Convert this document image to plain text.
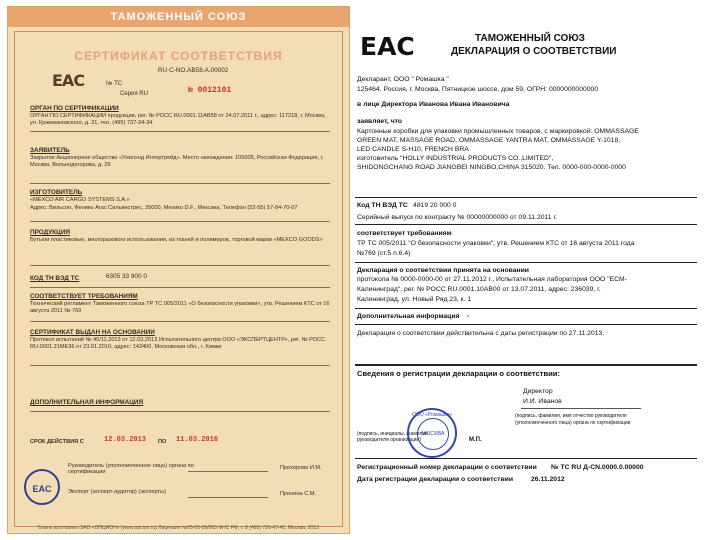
ТАМОЖЕННЫЙ СОЮЗ
СЕРТИФИКАТ СООТВЕТСТВИЯ
EAC	№ ТС
RU C-NO.AB58.A.00002
Серия RU	№ 0012101
ОРГАН ПО СЕРТИФИКАЦИИ
ОРГАН ПО СЕРТИФИКАЦИИ продукции, рег. № РОСС RU.0001.11АВ58 от 24.07.2011 г., адрес: 117218, г. Москва, ул. Кржижановского, д. 31, тел. (495) 737-34-34
ЗАЯВИТЕЛЬ
Закрытое Акционерное общество «Унилэнд Интертрейд». Место нахождения: 105005, Российская Федерация, г. Москва, Вольнодогорова, д. 29
ИЗГОТОВИТЕЛЬ
«MEXCO AIR CARGO SYSTEMS S.A.»
Адрес: Вильсон, Фенико Агас Сильвестрес, 35000, Мехико D.F., Мексика. Телефон (52-55) 57-84-70-07
ПРОДУКЦИЯ
Бутыли пластиковые, многоразового использования, из тканей и полимеров, торговой марки «MEXCO GOODS»
КОД ТН ВЭД ТС	6305 33 900 0
СООТВЕТСТВУЕТ ТРЕБОВАНИЯМ
Технический регламент Таможенного союза ТР ТС 005/2011 «О безопасности упаковки», утв. Решением КТС от 16 августа 2011 № 769
СЕРТИФИКАТ ВЫДАН НА ОСНОВАНИИ
Протокол испытаний № 45/11.2013 от 12.03.2013 Испытательного центра ООО «ЭКСПЕРТЦЕНТР», рег. № РОСС RU.0001.21МЕ36 от 23.01.2010, адрес: 143400, Московская обл., г. Химки
ДОПОЛНИТЕЛЬНАЯ ИНФОРМАЦИЯ
СРОК ДЕЙСТВИЯ С	12.03.2013 ПО 11.03.2016
Руководитель (уполномоченное лицо) органа по сертификации
Прохорова И.М.
Эксперт (эксперт-аудитор) (эксперты)	Пронина С.М.
EAC
Бланк изготовлен ЗАО «ОПЦИОН» (www.opcion.ru) Лицензия №05-05-09/003 ФНС РФ, т. 8 (495) 726-47-42, Москва, 2013
EAC	ТАМОЖЕННЫЙ СОЮЗ
ДЕКЛАРАЦИЯ О СООТВЕТСТВИИ
Декларант, ООО " Ромашка "
125464, Россия, г. Москва, Пятницкое шоссе, дом 59, ОГРН: 0000000000000
в лице Директора Иванова Ивана Ивановича
заявляет, что
Картонные коробки для упаковки промышленных товаров, с маркировкой: OMMASSAGE
GREEN MAT, MASSAGE ROAD, OMMASSAGE YANTRA MAT, OMMASSAGE Y-1018,
LED CANDLE S-H10, FRENCH BRA
изготовитель "HOLLY INDUSTRIAL PRODUCTS CO.,LIMITED",
SHIDONGCHANG ROAD JIANGBEI NINGBO,CHINA 315020. Тел. 0000-000-0000-0000
Код ТН ВЭД ТС 4819 20 000 0
Серийный выпуск по контракту № 00000000000 от 09.11.2011 г.
соответствует требованиям
ТР ТС 005/2011 "О безопасности упаковки", утв. Решением КТС от 16 августа 2011 года
№769 (ст.5 п.6.4)
Декларация о соответствии принята на основании
протокола № 0000-0000-00 от 27.11.2012 г., Испытательная лаборатория ООО "ЕСМ-
Калининград", рег. № РОСС RU.0001.10АВ00 от 13.07.2011, адрес: 236039, г.
Калининград, ул. Новый Ряд 23, к. 1
Дополнительная информация -
Декларация о соответствии действительна с даты регистрации по 27.11.2013.
Сведения о регистрации декларации о соответствии:
Директор
И.И. Иванов
(подпись, фамилия, имя отчество руководителя
(уполномоченного лица) органа по сертификации
(подпись, инициалы, фамилия
руководителя организации)
ООО «Ромашка»
МОСКВА
М.П.
Регистрационный номер декларации о соответствии № ТС RU Д-CN.0000.0.00000
Дата регистрации декларации о соответствии	26.11.2012
